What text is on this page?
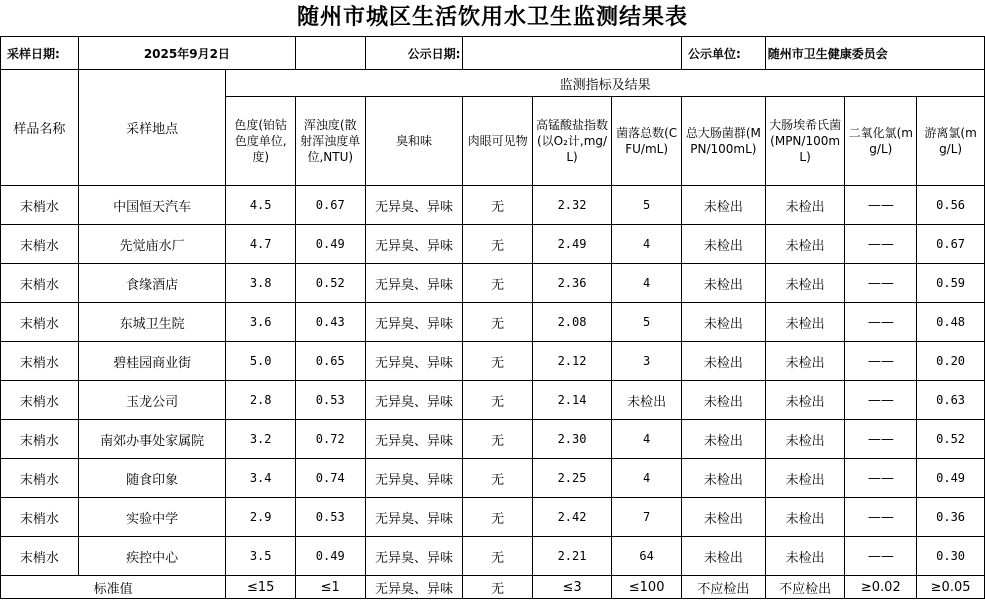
随州市城区生活饮用水卫生监测结果表
采样日期:	2025年9月2日			公示日期:				公示单位:	随州市卫生健康委员会		
样品名称	采样地点	监测指标及结果									
		色度(铂钴色度单位,度)	浑浊度(散射浑浊度单位,NTU)	臭和味	肉眼可见物	高锰酸盐指数(以O₂计,mg/L)	菌落总数(CFU/mL)	总大肠菌群(MPN/100mL)	大肠埃希氏菌(MPN/100mL)	二氧化氯(mg/L)	游离氯(mg/L)
末梢水	中国恒天汽车	4.5	0.67	无异臭、异味	无	2.32	5	未检出	未检出	——	0.56
末梢水	先觉庙水厂	4.7	0.49	无异臭、异味	无	2.49	4	未检出	未检出	——	0.67
末梢水	食缘酒店	3.8	0.52	无异臭、异味	无	2.36	4	未检出	未检出	——	0.59
末梢水	东城卫生院	3.6	0.43	无异臭、异味	无	2.08	5	未检出	未检出	——	0.48
末梢水	碧桂园商业街	5.0	0.65	无异臭、异味	无	2.12	3	未检出	未检出	——	0.20
末梢水	玉龙公司	2.8	0.53	无异臭、异味	无	2.14	未检出	未检出	未检出	——	0.63
末梢水	南郊办事处家属院	3.2	0.72	无异臭、异味	无	2.30	4	未检出	未检出	——	0.52
末梢水	随食印象	3.4	0.74	无异臭、异味	无	2.25	4	未检出	未检出	——	0.49
末梢水	实验中学	2.9	0.53	无异臭、异味	无	2.42	7	未检出	未检出	——	0.36
末梢水	疾控中心	3.5	0.49	无异臭、异味	无	2.21	64	未检出	未检出	——	0.30
标准值		≤15	≤1	无异臭、异味	无	≤3	≤100	不应检出	不应检出	≥0.02	≥0.05
